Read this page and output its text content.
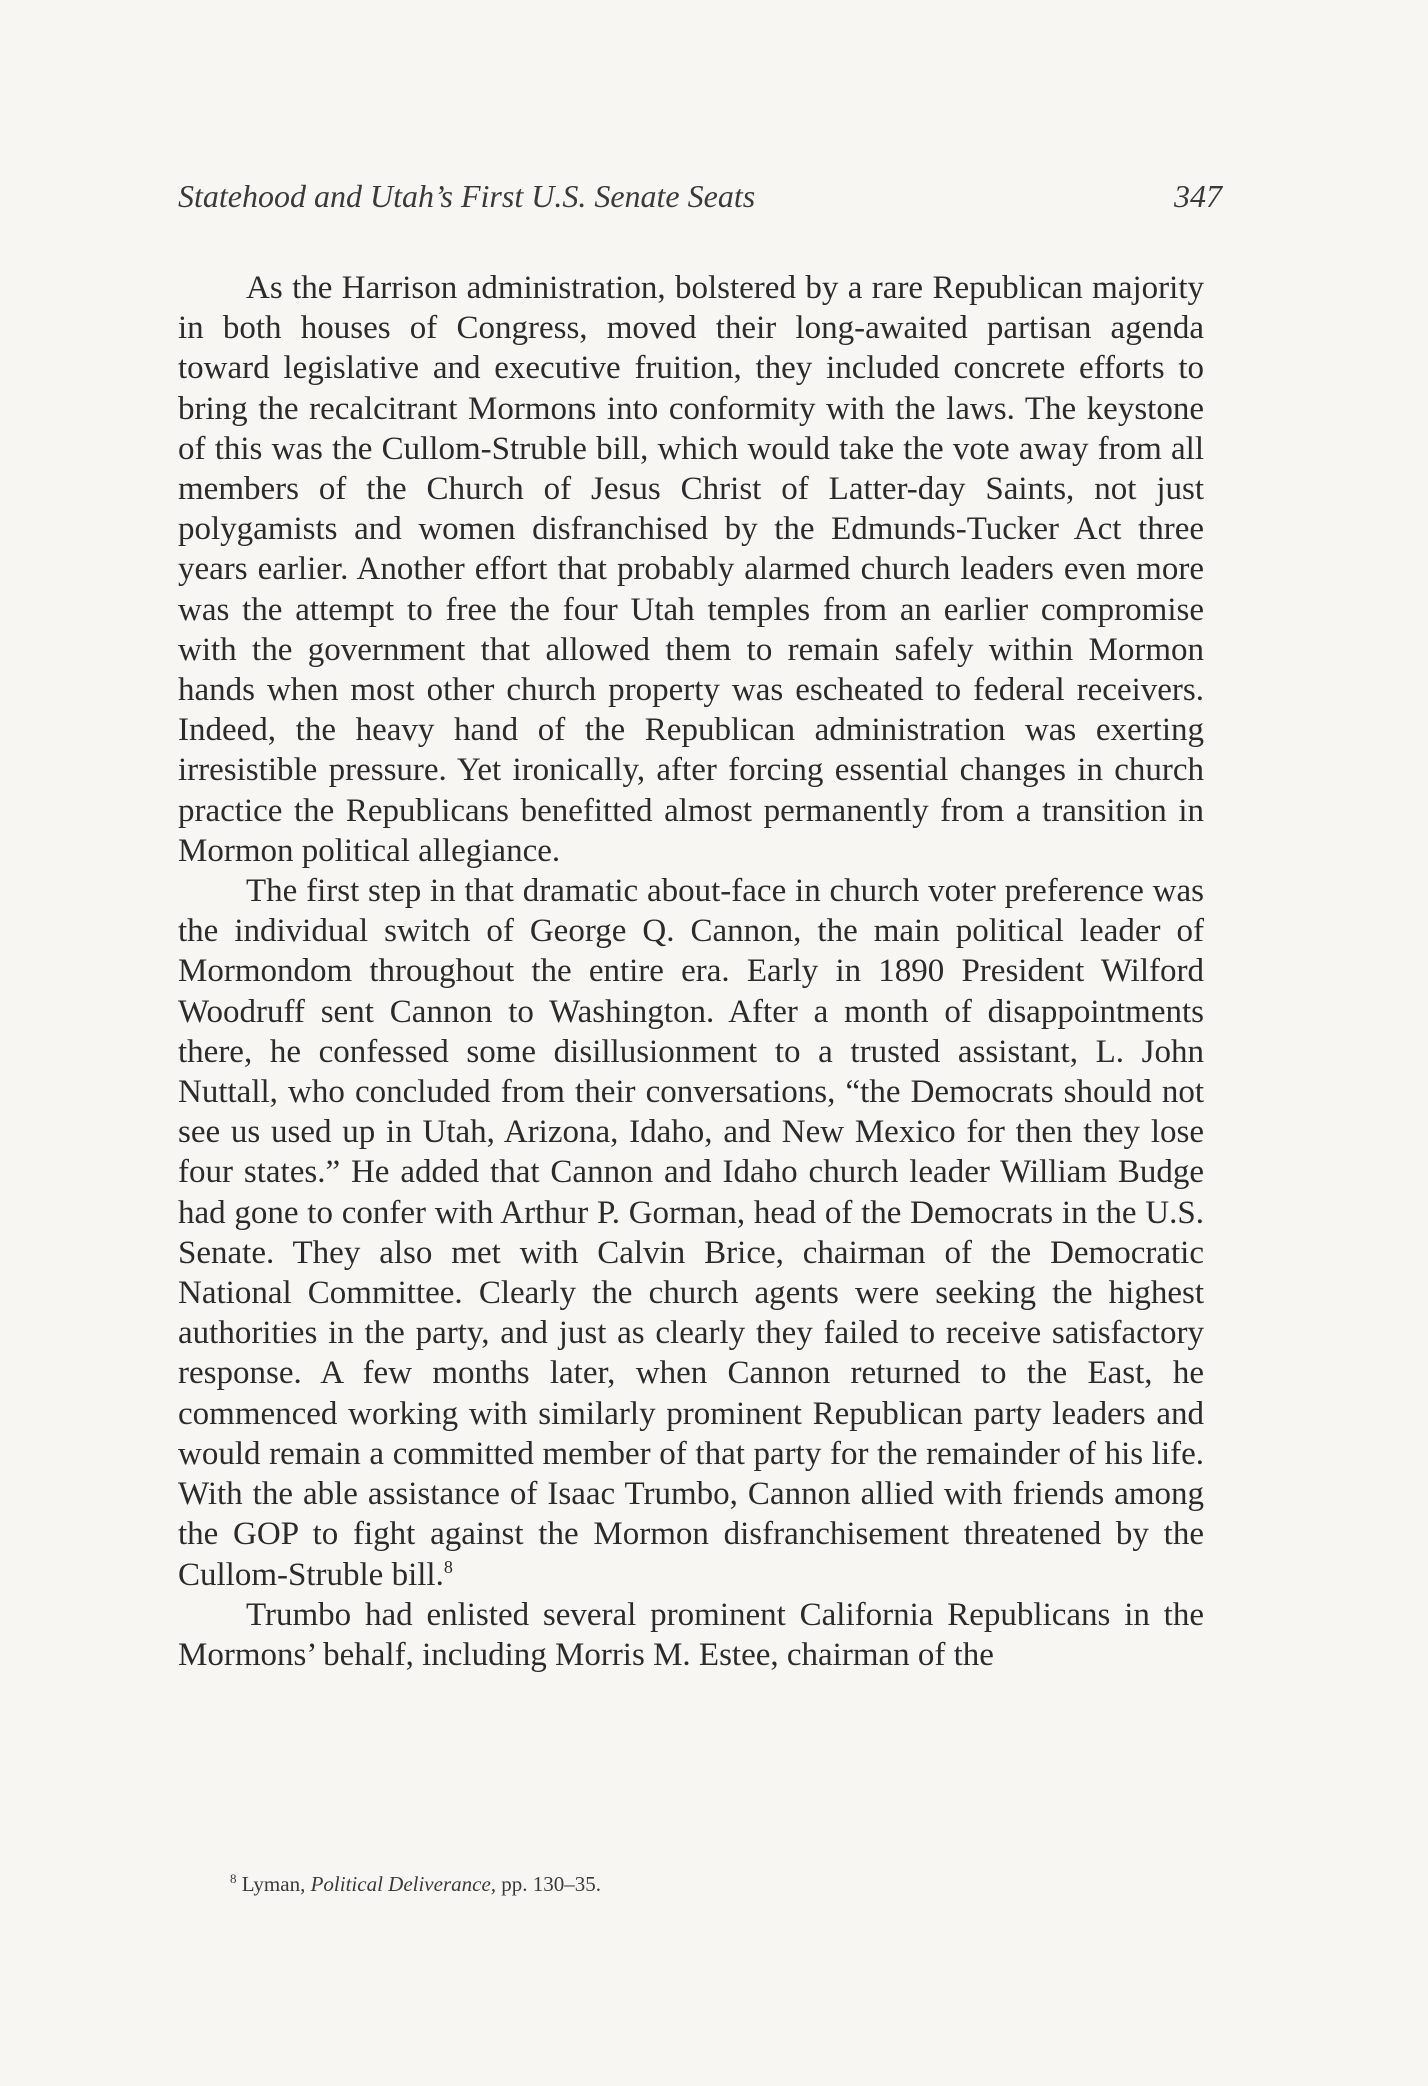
Statehood and Utah’s First U.S. Senate Seats	347

As the Harrison administration, bolstered by a rare Republican majority in both houses of Congress, moved their long-awaited partisan agenda toward legislative and executive fruition, they included concrete efforts to bring the recalcitrant Mormons into conformity with the laws. The keystone of this was the Cullom-Struble bill, which would take the vote away from all members of the Church of Jesus Christ of Latter-day Saints, not just polygamists and women disfranchised by the Edmunds-Tucker Act three years earlier. Another effort that probably alarmed church leaders even more was the attempt to free the four Utah temples from an earlier compromise with the government that allowed them to remain safely within Mormon hands when most other church property was escheated to federal receivers. Indeed, the heavy hand of the Republican administration was exerting irresistible pressure. Yet ironically, after forcing essential changes in church practice the Republicans benefitted almost permanently from a transition in Mormon political allegiance.

The first step in that dramatic about-face in church voter preference was the individual switch of George Q. Cannon, the main political leader of Mormondom throughout the entire era. Early in 1890 President Wilford Woodruff sent Cannon to Washington. After a month of disappointments there, he confessed some disillusionment to a trusted assistant, L. John Nuttall, who concluded from their conversations, “the Democrats should not see us used up in Utah, Arizona, Idaho, and New Mexico for then they lose four states.” He added that Cannon and Idaho church leader William Budge had gone to confer with Arthur P. Gorman, head of the Democrats in the U.S. Senate. They also met with Calvin Brice, chairman of the Democratic National Committee. Clearly the church agents were seeking the highest authorities in the party, and just as clearly they failed to receive satisfactory response. A few months later, when Cannon returned to the East, he commenced working with similarly prominent Republican party leaders and would remain a committed member of that party for the remainder of his life. With the able assistance of Isaac Trumbo, Cannon allied with friends among the GOP to fight against the Mormon disfranchisement threatened by the Cullom-Struble bill.$^8$

Trumbo had enlisted several prominent California Republicans in the Mormons’ behalf, including Morris M. Estee, chairman of the

$^8$ Lyman, Political Deliverance, pp. 130–35.
